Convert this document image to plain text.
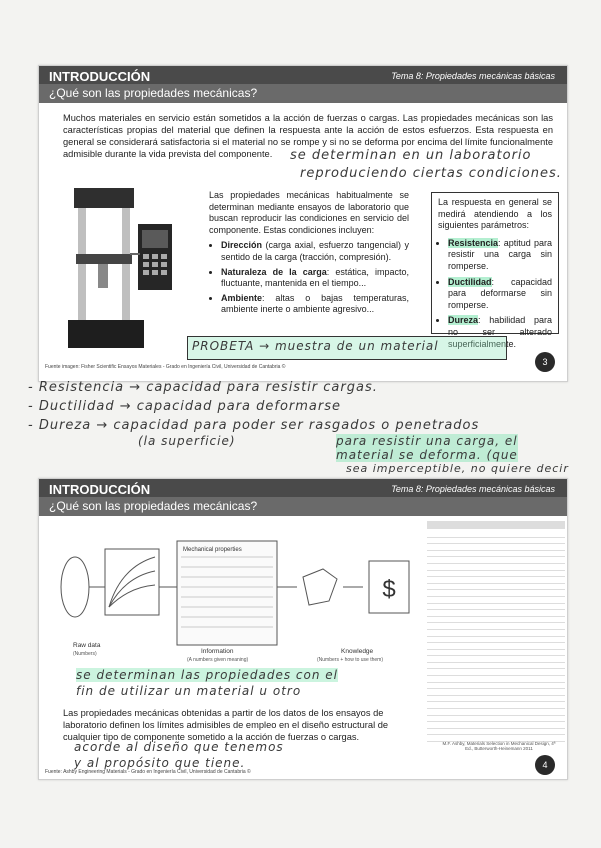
INTRODUCCIÓN
¿Qué son las propiedades mecánicas?
Tema 8: Propiedades mecánicas básicas
Muchos materiales en servicio están sometidos a la acción de fuerzas o cargas. Las propiedades mecánicas son las características propias del material que definen la respuesta ante la acción de estos esfuerzos. Esta respuesta en general se considerará satisfactoria si el material no se rompe y si no se deforma por encima del límite funcionalmente admisible durante la vida prevista del componente.

Las propiedades mecánicas habitualmente se determinan mediante ensayos de laboratorio que buscan reproducir las condiciones en servicio del componente. Estas condiciones incluyen:

• Dirección (carga axial, esfuerzo tangencial) y sentido de la carga (tracción, compresión).
• Naturaleza de la carga: estática, impacto, fluctuante, mantenida en el tiempo...
• Ambiente: altas o bajas temperaturas, ambiente inerte o ambiente agresivo...

La respuesta en general se medirá atendiendo a los siguientes parámetros:

• Resistencia: aptitud para resistir una carga sin romperse.
• Ductilidad: capacidad para deformarse sin romperse.
• Dureza: habilidad para no ser alterado superficialmente.
Fuente imagen: Fisher Scientific Ensayos Materiales - Grado en Ingeniería Civil, Universidad de Cantabria ©	3
se determinan en un laboratorio
reproduciendo ciertas condiciones.
PROBETA → muestra de un material
- Resistencia → capacidad para resistir cargas.
- Ductilidad → capacidad para deformarse
- Dureza → capacidad para poder ser rasgados o penetrados
(la superficie)	para resistir una carga, el
material se deforma. (que
sea imperceptible, no quiere decir
INTRODUCCIÓN
¿Qué son las propiedades mecánicas?
Tema 8: Propiedades mecánicas básicas
$
Mechanical properties
Raw data
(Numbers)	Information
(A numbers given meaning)
Knowledge
(Numbers + how to use them)
M.F. Ashby, Materials Selection in Mechanical Design, 4ª Ed., Butterworth-Heinemann 2011
Las propiedades mecánicas obtenidas a partir de los datos de los ensayos de laboratorio definen los límites admisibles de empleo en el diseño estructural de cualquier tipo de componente sometido a la acción de fuerzas o cargas.
Fuente: Ashby Engineering Materials - Grado en Ingeniería Civil, Universidad de Cantabria ©
4
se determinan las propiedades con el
fin de utilizar un material u otro
acorde al diseño que tenemos
y al propósito que tiene.
